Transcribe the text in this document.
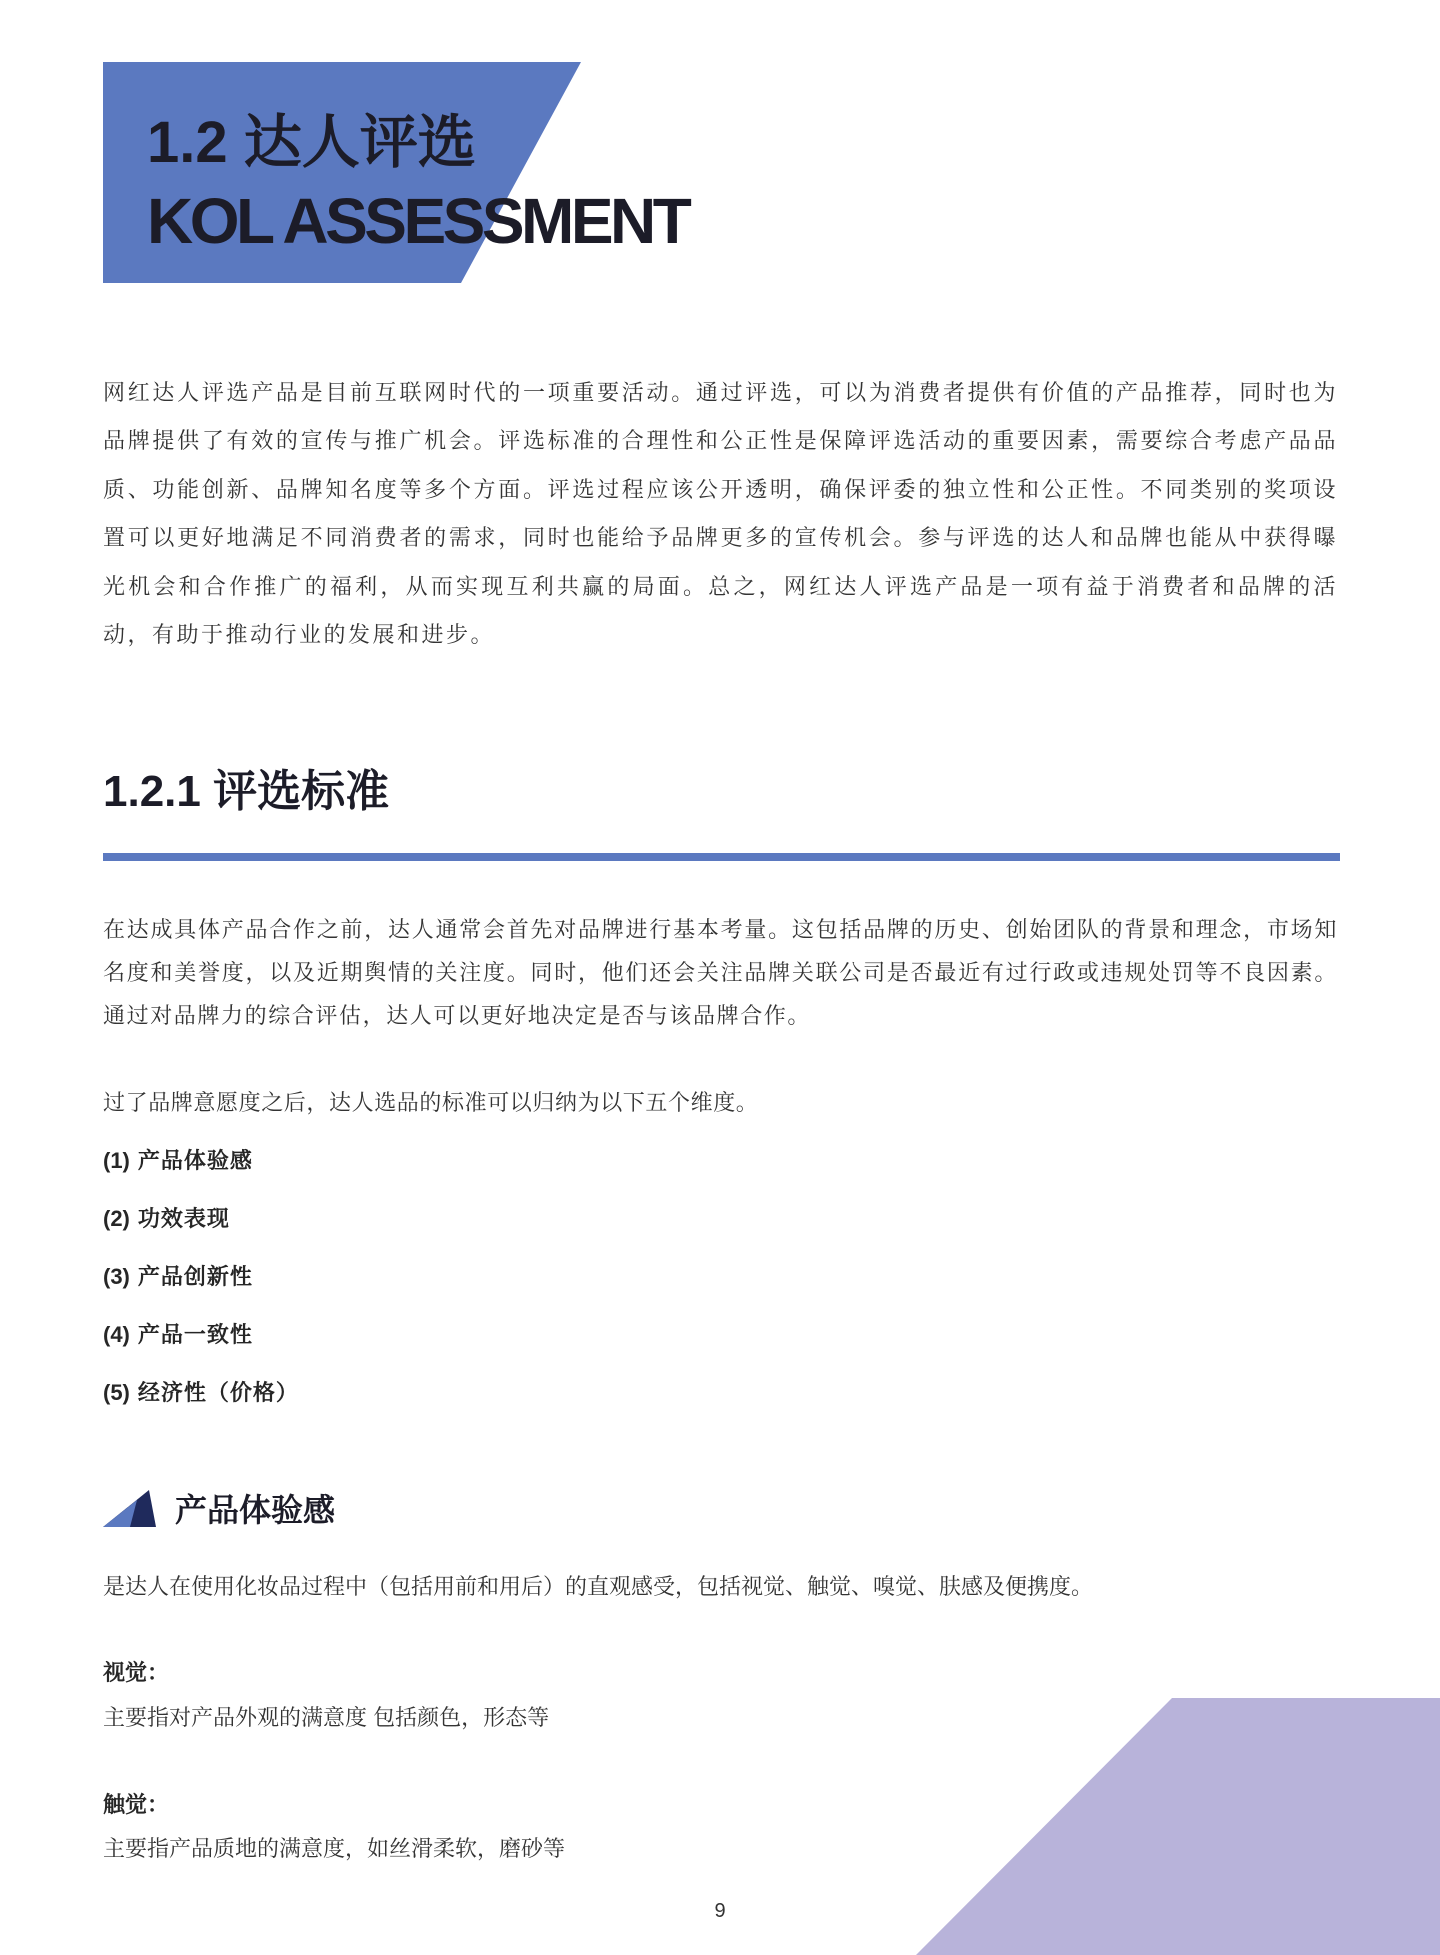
1.2 达人评选
KOL ASSESSMENT

网红达人评选产品是目前互联网时代的一项重要活动。通过评选，可以为消费者提供有价值的产品推荐，同时也为品牌提供了有效的宣传与推广机会。评选标准的合理性和公正性是保障评选活动的重要因素，需要综合考虑产品品质、功能创新、品牌知名度等多个方面。评选过程应该公开透明，确保评委的独立性和公正性。不同类别的奖项设置可以更好地满足不同消费者的需求，同时也能给予品牌更多的宣传机会。参与评选的达人和品牌也能从中获得曝光机会和合作推广的福利，从而实现互利共赢的局面。总之，网红达人评选产品是一项有益于消费者和品牌的活动，有助于推动行业的发展和进步。

1.2.1 评选标准

在达成具体产品合作之前，达人通常会首先对品牌进行基本考量。这包括品牌的历史、创始团队的背景和理念，市场知名度和美誉度，以及近期舆情的关注度。同时，他们还会关注品牌关联公司是否最近有过行政或违规处罚等不良因素。通过对品牌力的综合评估，达人可以更好地决定是否与该品牌合作。

过了品牌意愿度之后，达人选品的标准可以归纳为以下五个维度。

(1) 产品体验感
(2) 功效表现
(3) 产品创新性
(4) 产品一致性
(5) 经济性（价格）
产品体验感

是达人在使用化妆品过程中（包括用前和用后）的直观感受，包括视觉、触觉、嗅觉、肤感及便携度。

视觉：
主要指对产品外观的满意度 包括颜色，形态等
触觉：
主要指产品质地的满意度，如丝滑柔软，磨砂等
9
